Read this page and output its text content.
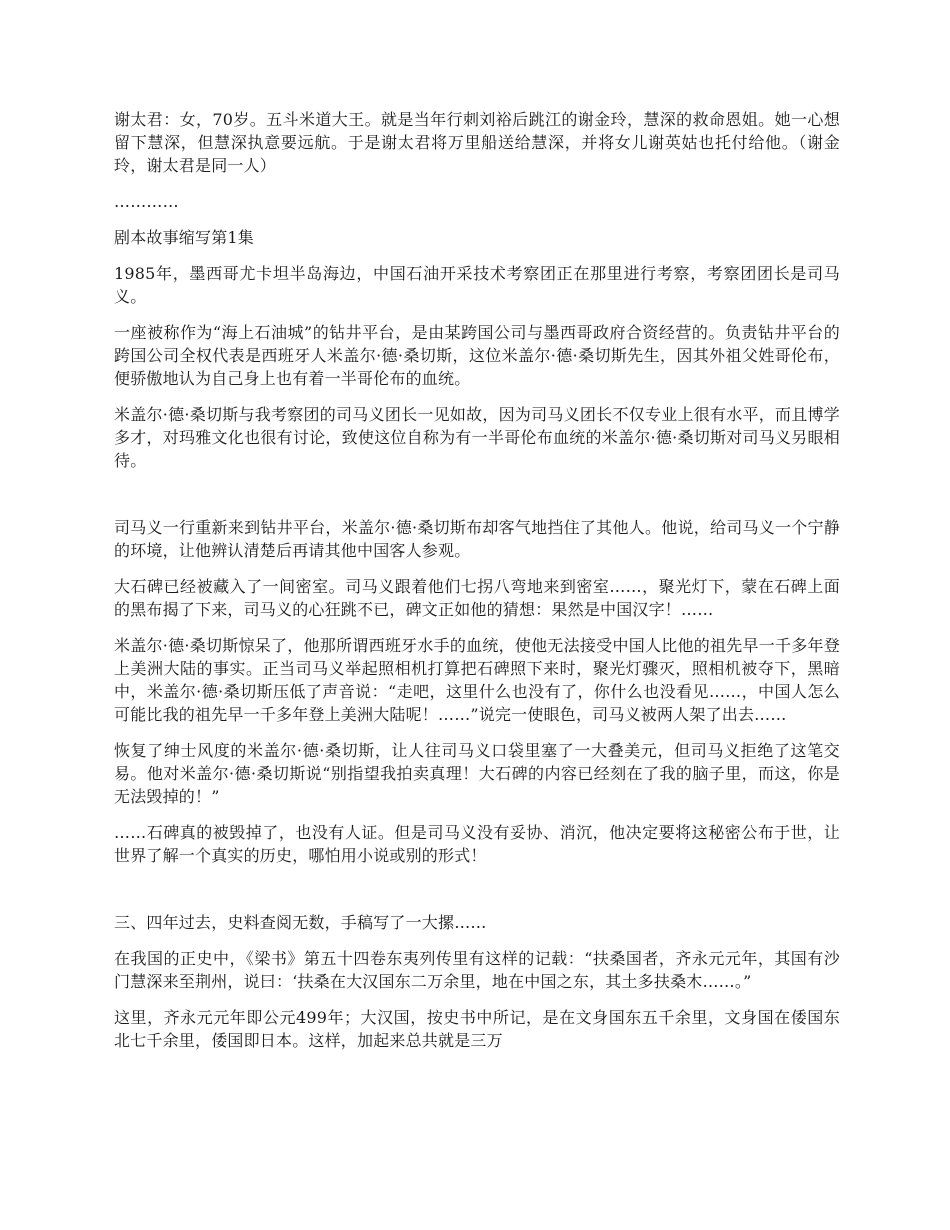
谢太君：女，70岁。五斗米道大王。就是当年行刺刘裕后跳江的谢金玲，慧深的救命恩姐。她一心想留下慧深，但慧深执意要远航。于是谢太君将万里船送给慧深，并将女儿谢英姑也托付给他。（谢金玲，谢太君是同一人）

…………

剧本故事缩写第1集

1985年，墨西哥尤卡坦半岛海边，中国石油开采技术考察团正在那里进行考察，考察团团长是司马义。

一座被称作为“海上石油城”的钻井平台，是由某跨国公司与墨西哥政府合资经营的。负责钻井平台的跨国公司全权代表是西班牙人米盖尔·德·桑切斯，这位米盖尔·德·桑切斯先生，因其外祖父姓哥伦布，便骄傲地认为自己身上也有着一半哥伦布的血统。

米盖尔·德·桑切斯与我考察团的司马义团长一见如故，因为司马义团长不仅专业上很有水平，而且博学多才，对玛雅文化也很有讨论，致使这位自称为有一半哥伦布血统的米盖尔·德·桑切斯对司马义另眼相待。

司马义一行重新来到钻井平台，米盖尔·德·桑切斯布却客气地挡住了其他人。他说，给司马义一个宁静的环境，让他辨认清楚后再请其他中国客人参观。

大石碑已经被藏入了一间密室。司马义跟着他们七拐八弯地来到密室……，聚光灯下，蒙在石碑上面的黑布揭了下来，司马义的心狂跳不已，碑文正如他的猜想：果然是中国汉字！……

米盖尔·德·桑切斯惊呆了，他那所谓西班牙水手的血统，使他无法接受中国人比他的祖先早一千多年登上美洲大陆的事实。正当司马义举起照相机打算把石碑照下来时，聚光灯骤灭，照相机被夺下，黑暗中，米盖尔·德·桑切斯压低了声音说：“走吧，这里什么也没有了，你什么也没看见……，中国人怎么可能比我的祖先早一千多年登上美洲大陆呢！……”说完一使眼色，司马义被两人架了出去……

恢复了绅士风度的米盖尔·德·桑切斯，让人往司马义口袋里塞了一大叠美元，但司马义拒绝了这笔交易。他对米盖尔·德·桑切斯说“别指望我拍卖真理！大石碑的内容已经刻在了我的脑子里，而这，你是无法毁掉的！”

……石碑真的被毁掉了，也没有人证。但是司马义没有妥协、消沉，他决定要将这秘密公布于世，让世界了解一个真实的历史，哪怕用小说或别的形式！

三、四年过去，史料查阅无数，手稿写了一大摞……

在我国的正史中，《梁书》第五十四卷东夷列传里有这样的记载：“扶桑国者，齐永元元年，其国有沙门慧深来至荆州，说曰：‘扶桑在大汉国东二万余里，地在中国之东，其土多扶桑木……。”

这里，齐永元元年即公元499年；大汉国，按史书中所记，是在文身国东五千余里，文身国在倭国东北七千余里，倭国即日本。这样，加起来总共就是三万
